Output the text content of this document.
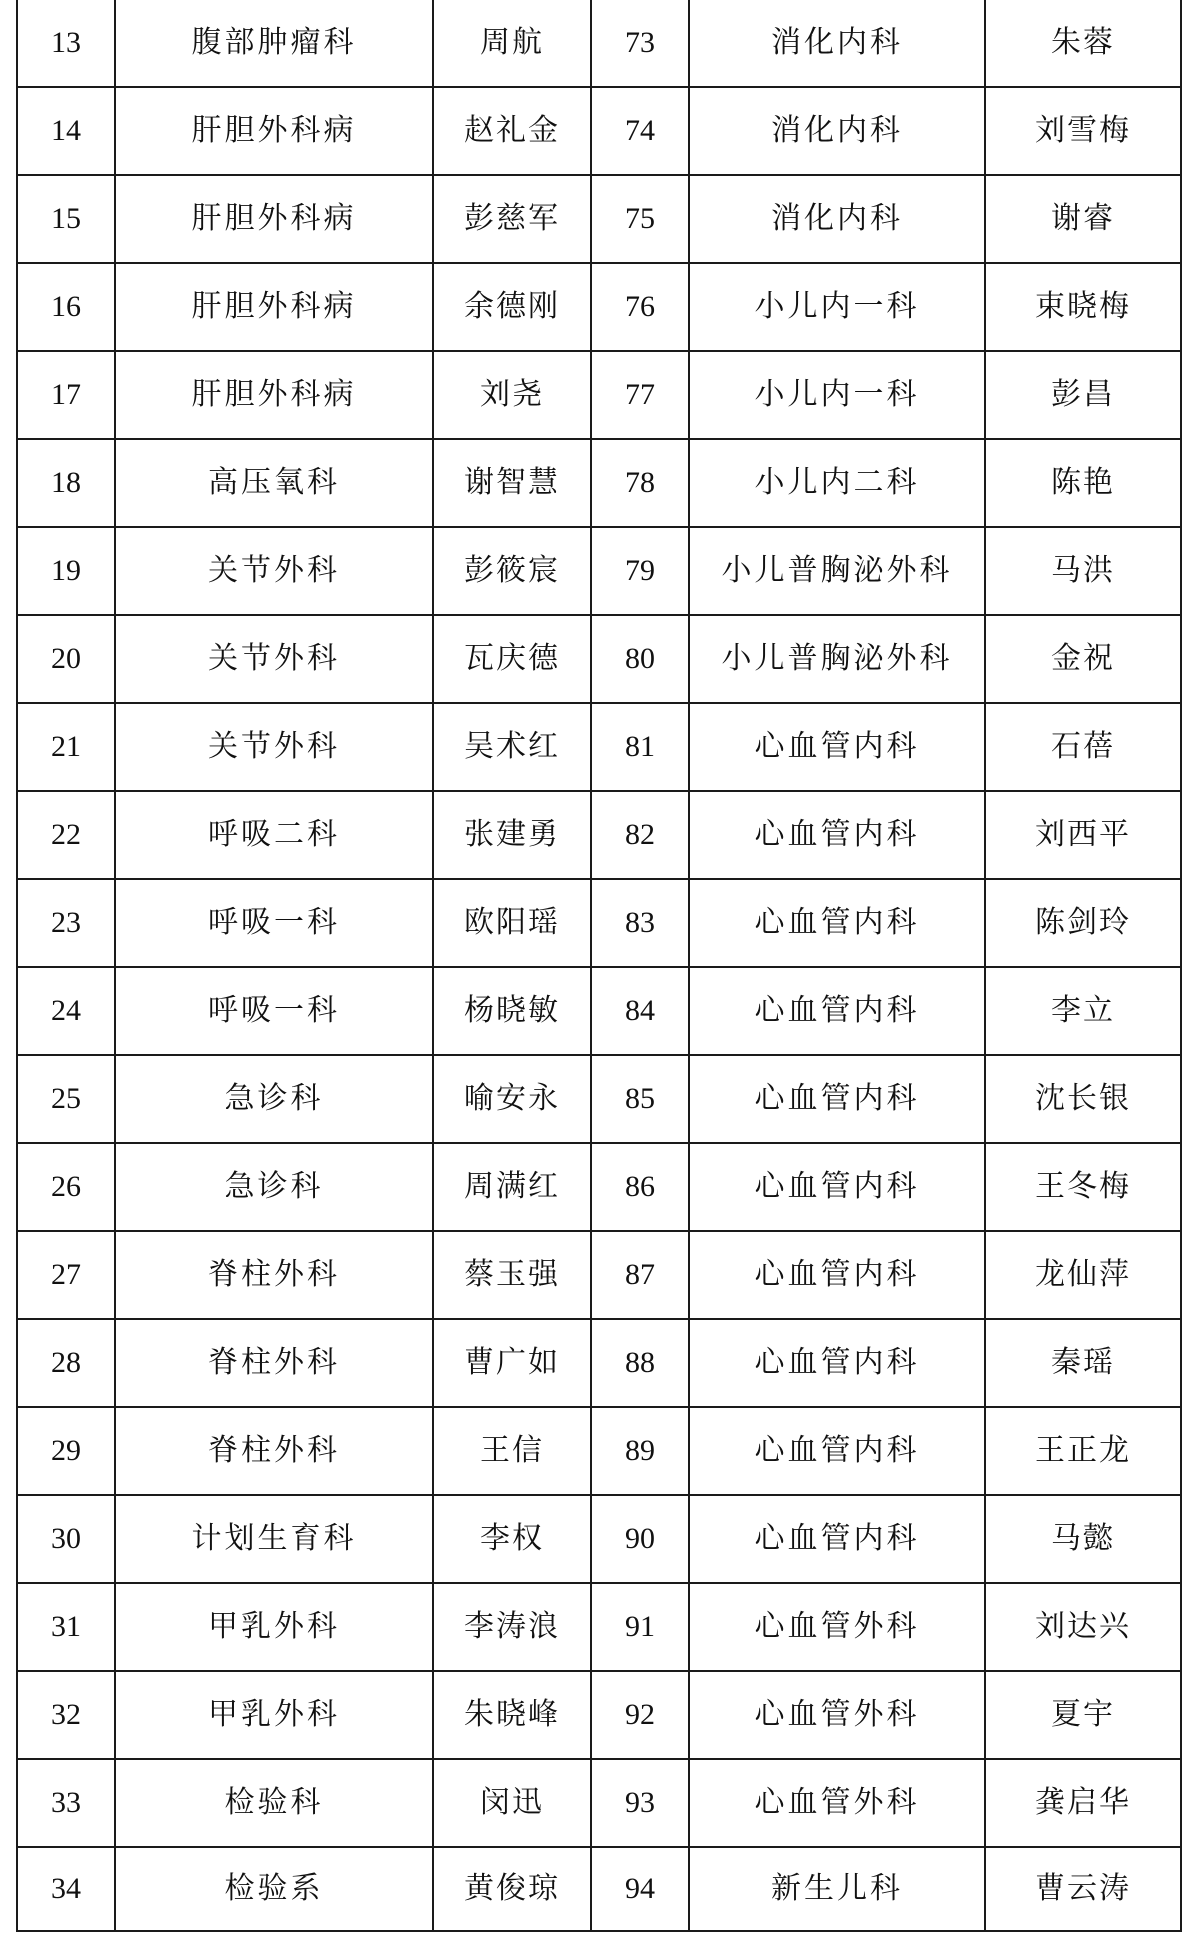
13	腹部肿瘤科	周航	73	消化内科	朱蓉
14	肝胆外科病	赵礼金	74	消化内科	刘雪梅
15	肝胆外科病	彭慈军	75	消化内科	谢睿
16	肝胆外科病	余德刚	76	小儿内一科	束晓梅
17	肝胆外科病	刘尧	77	小儿内一科	彭昌
18	高压氧科	谢智慧	78	小儿内二科	陈艳
19	关节外科	彭筱宸	79	小儿普胸泌外科	马洪
20	关节外科	瓦庆德	80	小儿普胸泌外科	金祝
21	关节外科	吴术红	81	心血管内科	石蓓
22	呼吸二科	张建勇	82	心血管内科	刘西平
23	呼吸一科	欧阳瑶	83	心血管内科	陈剑玲
24	呼吸一科	杨晓敏	84	心血管内科	李立
25	急诊科	喻安永	85	心血管内科	沈长银
26	急诊科	周满红	86	心血管内科	王冬梅
27	脊柱外科	蔡玉强	87	心血管内科	龙仙萍
28	脊柱外科	曹广如	88	心血管内科	秦瑶
29	脊柱外科	王信	89	心血管内科	王正龙
30	计划生育科	李权	90	心血管内科	马懿
31	甲乳外科	李涛浪	91	心血管外科	刘达兴
32	甲乳外科	朱晓峰	92	心血管外科	夏宇
33	检验科	闵迅	93	心血管外科	龚启华
34	检验系	黄俊琼	94	新生儿科	曹云涛
